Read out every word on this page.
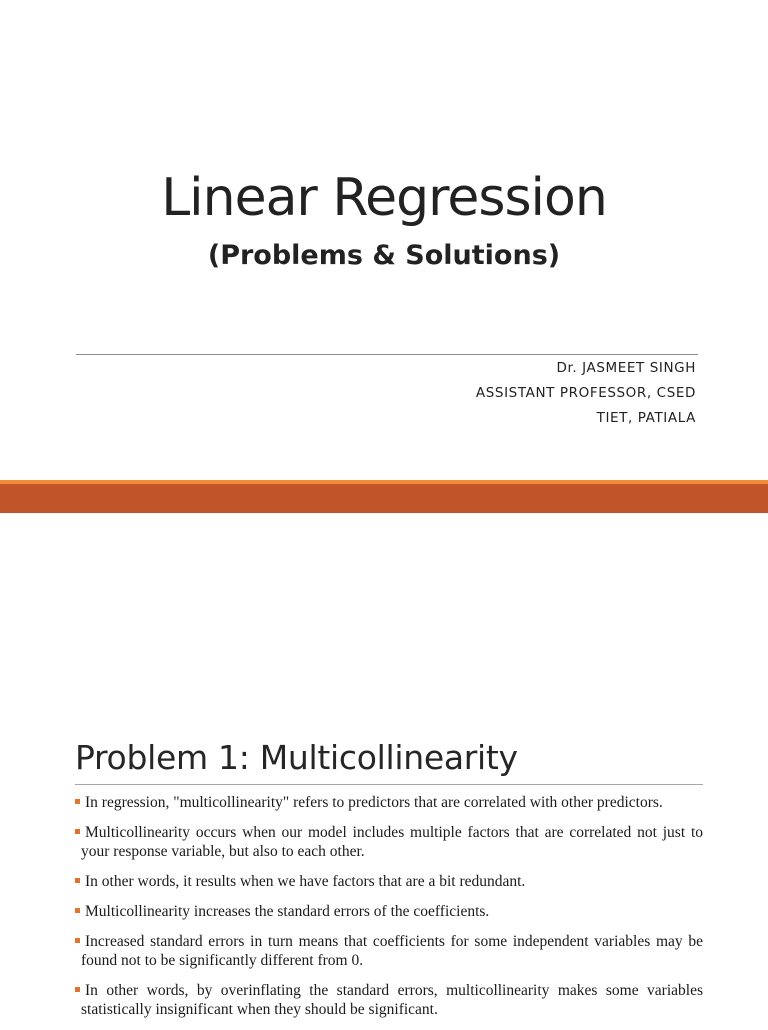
Linear Regression
(Problems & Solutions)
Dr. JASMEET SINGH
ASSISTANT PROFESSOR, CSED
TIET, PATIALA
Problem 1: Multicollinearity
In regression, "multicollinearity" refers to predictors that are correlated with other predictors.
Multicollinearity occurs when our model includes multiple factors that are correlated not just to your response variable, but also to each other.
In other words, it results when we have factors that are a bit redundant.
Multicollinearity increases the standard errors of the coefficients.
Increased standard errors in turn means that coefficients for some independent variables may be found not to be significantly different from 0.
In other words, by overinflating the standard errors, multicollinearity makes some variables statistically insignificant when they should be significant.
